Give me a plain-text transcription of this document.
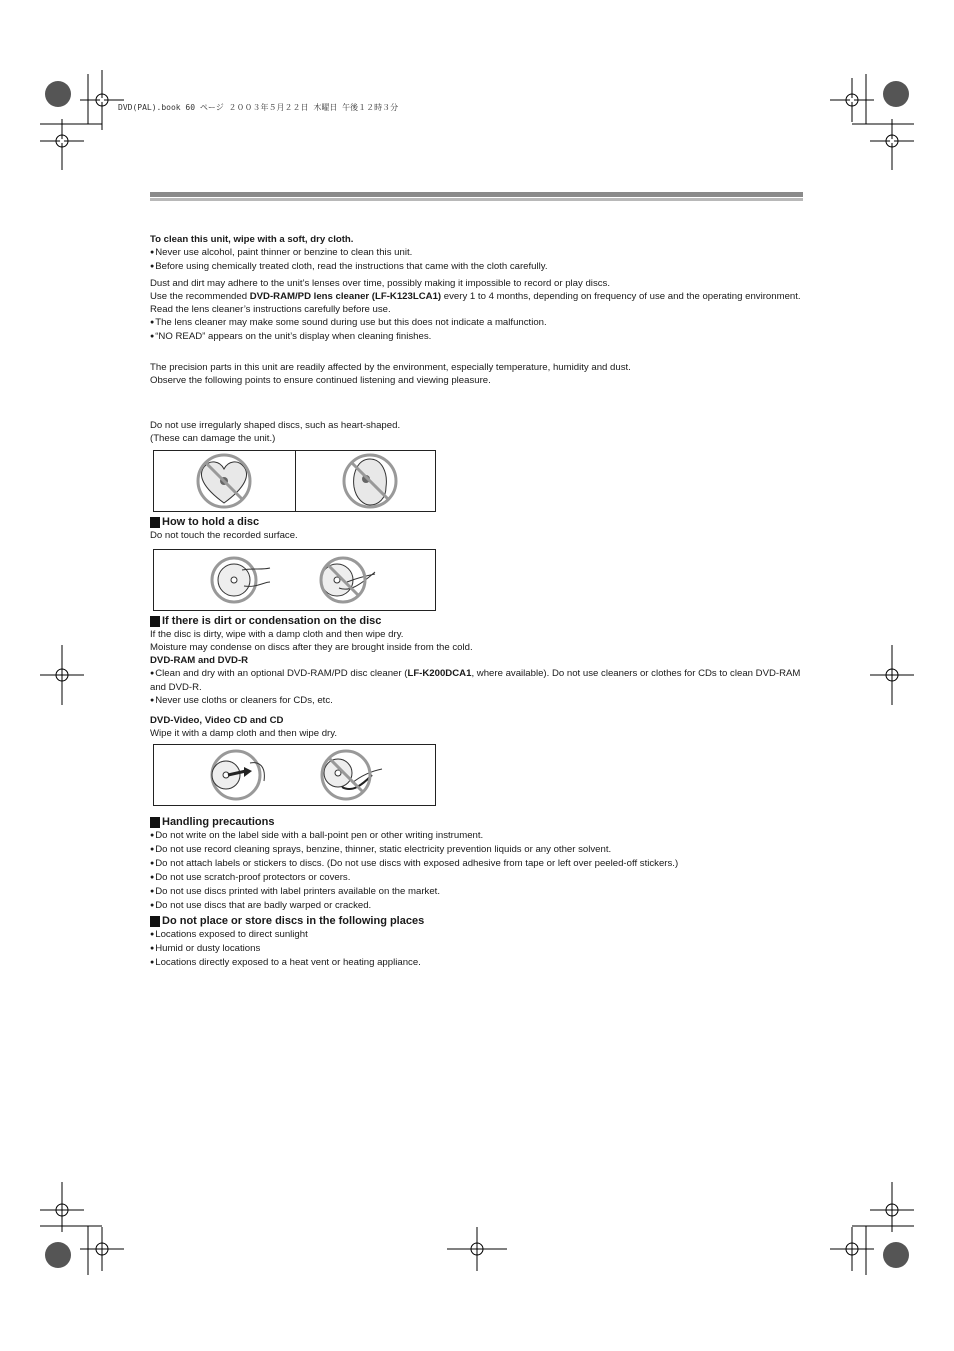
DVD(PAL).book 60 ページ ２００３年５月２２日 木曜日 午後１２時３分

To clean this unit, wipe with a soft, dry cloth.

● Never use alcohol, paint thinner or benzine to clean this unit.

● Before using chemically treated cloth, read the instructions that came with the cloth carefully.

Dust and dirt may adhere to the unit’s lenses over time, possibly making it impossible to record or play discs.

Use the recommended DVD-RAM/PD lens cleaner (LF-K123LCA1) every 1 to 4 months, depending on frequency of use and the operating environment.

Read the lens cleaner’s instructions carefully before use.

● The lens cleaner may make some sound during use but this does not indicate a malfunction.

● “NO READ” appears on the unit’s display when cleaning finishes.

The precision parts in this unit are readily affected by the environment, especially temperature, humidity and dust.

Observe the following points to ensure continued listening and viewing pleasure.

Do not use irregularly shaped discs, such as heart-shaped.

(These can damage the unit.)

How to hold a disc

Do not touch the recorded surface.

If there is dirt or condensation on the disc

If the disc is dirty, wipe with a damp cloth and then wipe dry.

Moisture may condense on discs after they are brought inside from the cold.

DVD-RAM and DVD-R

● Clean and dry with an optional DVD-RAM/PD disc cleaner (LF-K200DCA1, where available). Do not use cleaners or clothes for CDs to clean DVD-RAM and DVD-R.

● Never use cloths or cleaners for CDs, etc.

DVD-Video, Video CD and CD

Wipe it with a damp cloth and then wipe dry.

Handling precautions

● Do not write on the label side with a ball-point pen or other writing instrument.

● Do not use record cleaning sprays, benzine, thinner, static electricity prevention liquids or any other solvent.

● Do not attach labels or stickers to discs. (Do not use discs with exposed adhesive from tape or left over peeled-off stickers.)

● Do not use scratch-proof protectors or covers.

● Do not use discs printed with label printers available on the market.

● Do not use discs that are badly warped or cracked.

Do not place or store discs in the following places

● Locations exposed to direct sunlight

● Humid or dusty locations

● Locations directly exposed to a heat vent or heating appliance.
